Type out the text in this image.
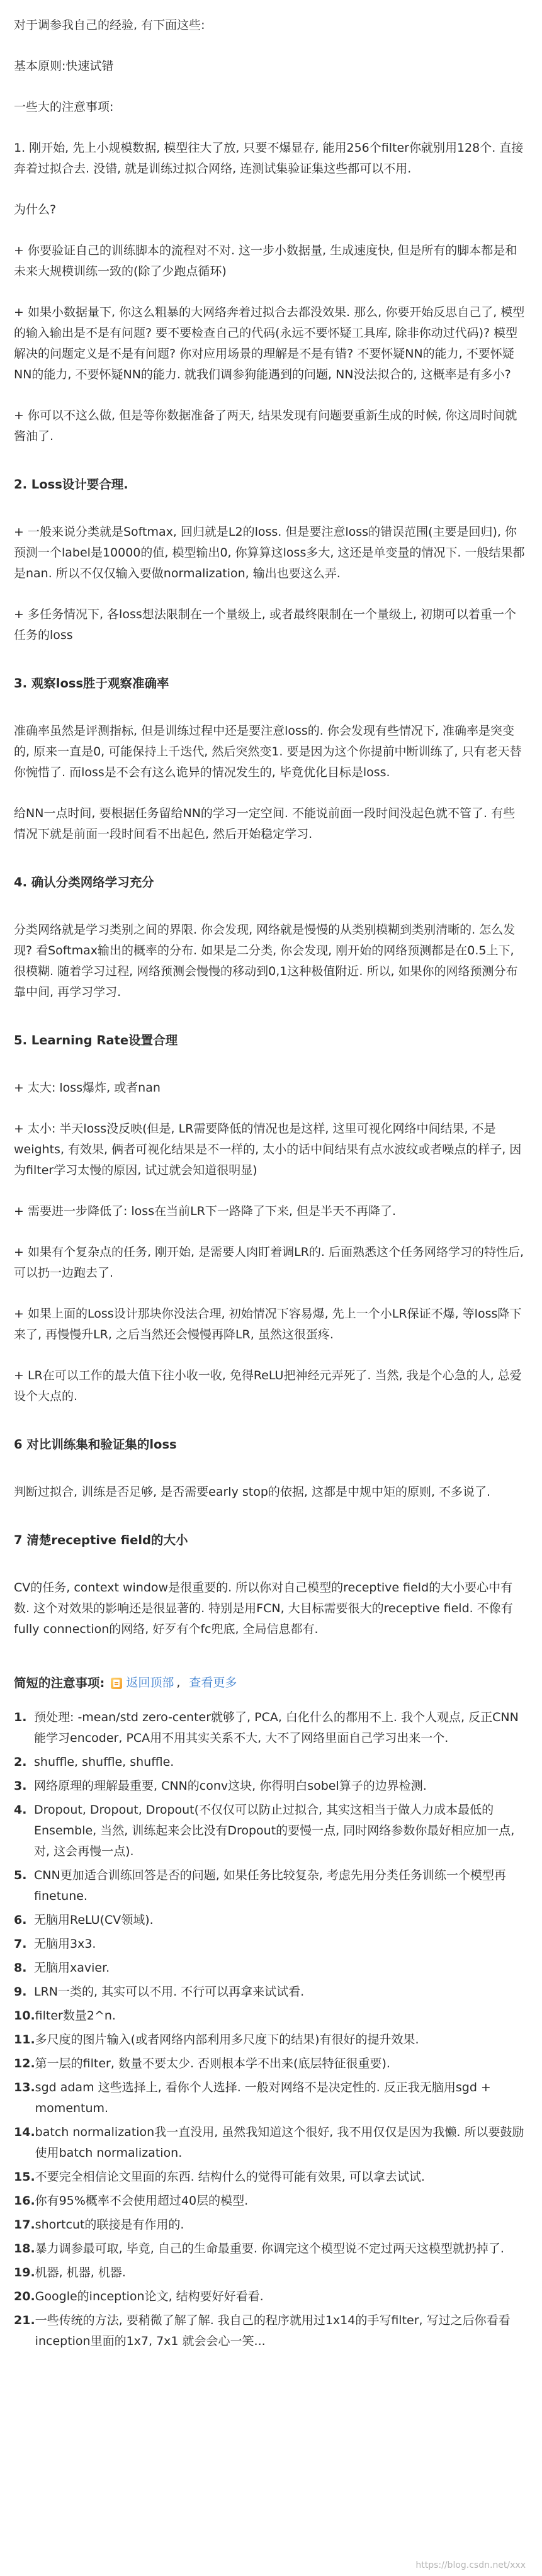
对于调参我自己的经验, 有下面这些:

基本原则:快速试错

一些大的注意事项:

1. 刚开始, 先上小规模数据, 模型往大了放, 只要不爆显存, 能用256个filter你就别用128个. 直接奔着过拟合去. 没错, 就是训练过拟合网络, 连测试集验证集这些都可以不用.

为什么?

+ 你要验证自己的训练脚本的流程对不对. 这一步小数据量, 生成速度快, 但是所有的脚本都是和未来大规模训练一致的(除了少跑点循环)

+ 如果小数据量下, 你这么粗暴的大网络奔着过拟合去都没效果. 那么, 你要开始反思自己了, 模型的输入输出是不是有问题? 要不要检查自己的代码(永远不要怀疑工具库, 除非你动过代码)? 模型解决的问题定义是不是有问题? 你对应用场景的理解是不是有错? 不要怀疑NN的能力, 不要怀疑NN的能力, 不要怀疑NN的能力. 就我们调参狗能遇到的问题, NN没法拟合的, 这概率是有多小?

+ 你可以不这么做, 但是等你数据准备了两天, 结果发现有问题要重新生成的时候, 你这周时间就酱油了.

2. Loss设计要合理.

+ 一般来说分类就是Softmax, 回归就是L2的loss. 但是要注意loss的错误范围(主要是回归), 你预测一个label是10000的值, 模型输出0, 你算算这loss多大, 这还是单变量的情况下. 一般结果都是nan. 所以不仅仅输入要做normalization, 输出也要这么弄.

+ 多任务情况下, 各loss想法限制在一个量级上, 或者最终限制在一个量级上, 初期可以着重一个任务的loss

3. 观察loss胜于观察准确率

准确率虽然是评测指标, 但是训练过程中还是要注意loss的. 你会发现有些情况下, 准确率是突变的, 原来一直是0, 可能保持上千迭代, 然后突然变1. 要是因为这个你提前中断训练了, 只有老天替你惋惜了. 而loss是不会有这么诡异的情况发生的, 毕竟优化目标是loss.

给NN一点时间, 要根据任务留给NN的学习一定空间. 不能说前面一段时间没起色就不管了. 有些情况下就是前面一段时间看不出起色, 然后开始稳定学习.

4. 确认分类网络学习充分

分类网络就是学习类别之间的界限. 你会发现, 网络就是慢慢的从类别模糊到类别清晰的. 怎么发现? 看Softmax输出的概率的分布. 如果是二分类, 你会发现, 刚开始的网络预测都是在0.5上下, 很模糊. 随着学习过程, 网络预测会慢慢的移动到0,1这种极值附近. 所以, 如果你的网络预测分布靠中间, 再学习学习.

5. Learning Rate设置合理

+ 太大: loss爆炸, 或者nan

+ 太小: 半天loss没反映(但是, LR需要降低的情况也是这样, 这里可视化网络中间结果, 不是weights, 有效果, 俩者可视化结果是不一样的, 太小的话中间结果有点水波纹或者噪点的样子, 因为filter学习太慢的原因, 试过就会知道很明显)

+ 需要进一步降低了: loss在当前LR下一路降了下来, 但是半天不再降了.

+ 如果有个复杂点的任务, 刚开始, 是需要人肉盯着调LR的. 后面熟悉这个任务网络学习的特性后, 可以扔一边跑去了.

+ 如果上面的Loss设计那块你没法合理, 初始情况下容易爆, 先上一个小LR保证不爆, 等loss降下来了, 再慢慢升LR, 之后当然还会慢慢再降LR, 虽然这很蛋疼.

+ LR在可以工作的最大值下往小收一收, 免得ReLU把神经元弄死了. 当然, 我是个心急的人, 总爱设个大点的.

6 对比训练集和验证集的loss

判断过拟合, 训练是否足够, 是否需要early stop的依据, 这都是中规中矩的原则, 不多说了.

7 清楚receptive field的大小

CV的任务, context window是很重要的. 所以你对自己模型的receptive field的大小要心中有数. 这个对效果的影响还是很显著的. 特别是用FCN, 大目标需要很大的receptive field. 不像有fully connection的网络, 好歹有个fc兜底, 全局信息都有.

简短的注意事项: 返回顶部 , 查看更多
1. 预处理: -mean/std zero-center就够了, PCA, 白化什么的都用不上. 我个人观点, 反正CNN能学习encoder, PCA用不用其实关系不大, 大不了网络里面自己学习出来一个.
2. shuffle, shuffle, shuffle.
3. 网络原理的理解最重要, CNN的conv这块, 你得明白sobel算子的边界检测.
4. Dropout, Dropout, Dropout(不仅仅可以防止过拟合, 其实这相当于做人力成本最低的Ensemble, 当然, 训练起来会比没有Dropout的要慢一点, 同时网络参数你最好相应加一点, 对, 这会再慢一点).
5. CNN更加适合训练回答是否的问题, 如果任务比较复杂, 考虑先用分类任务训练一个模型再finetune.
6. 无脑用ReLU(CV领域).
7. 无脑用3x3.
8. 无脑用xavier.
9. LRN一类的, 其实可以不用. 不行可以再拿来试试看.
10. filter数量2^n.
11. 多尺度的图片输入(或者网络内部利用多尺度下的结果)有很好的提升效果.
12. 第一层的filter, 数量不要太少. 否则根本学不出来(底层特征很重要).
13. sgd adam 这些选择上, 看你个人选择. 一般对网络不是决定性的. 反正我无脑用sgd + momentum.
14. batch normalization我一直没用, 虽然我知道这个很好, 我不用仅仅是因为我懒. 所以要鼓励使用batch normalization.
15. 不要完全相信论文里面的东西. 结构什么的觉得可能有效果, 可以拿去试试.
16. 你有95%概率不会使用超过40层的模型.
17. shortcut的联接是有作用的.
18. 暴力调参最可取, 毕竟, 自己的生命最重要. 你调完这个模型说不定过两天这模型就扔掉了.
19. 机器, 机器, 机器.
20. Google的inception论文, 结构要好好看看.
21. 一些传统的方法, 要稍微了解了解. 我自己的程序就用过1x14的手写filter, 写过之后你看看inception里面的1x7, 7x1 就会会心一笑...
https://blog.csdn.net/xxx
